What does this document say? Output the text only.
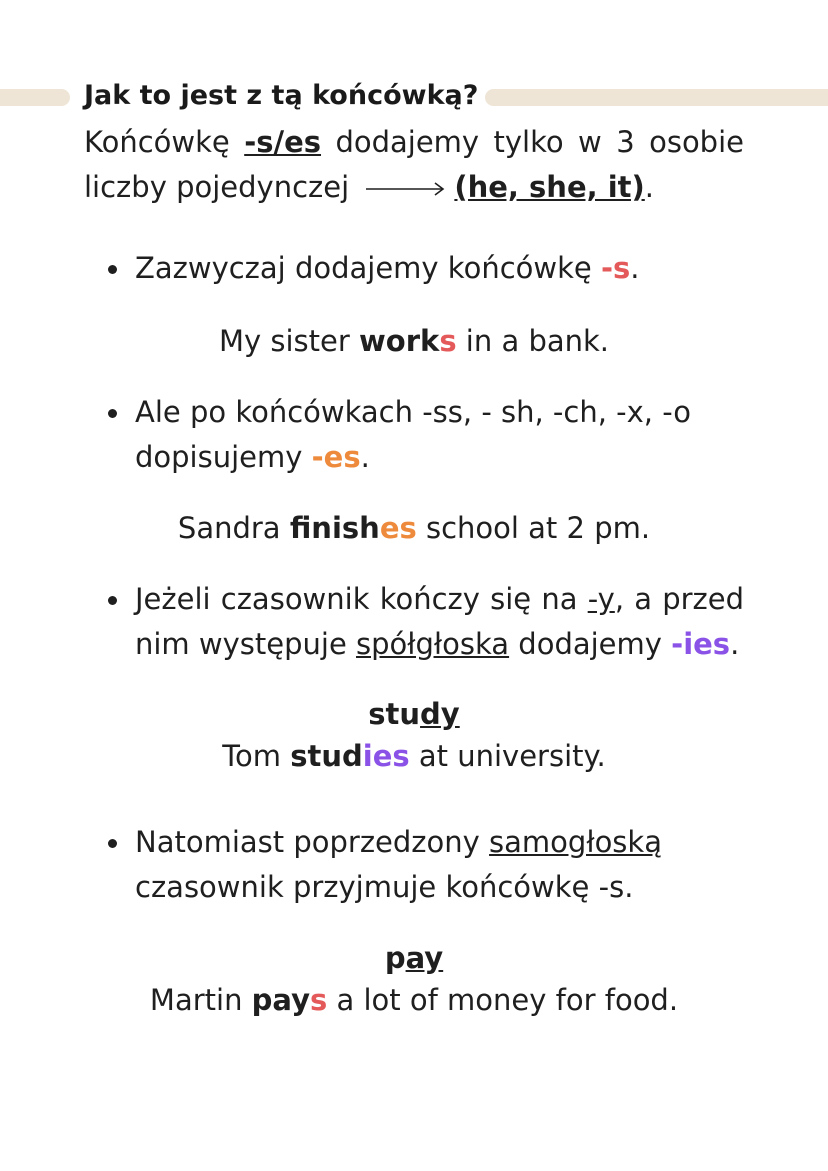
Jak to jest z tą końcówką?
Końcówkę -s/es dodajemy tylko w 3 osobie liczby pojedynczej	(he, she, it).
Zazwyczaj dodajemy końcówkę -s.
My sister works in a bank.
Ale po końcówkach -ss, - sh, -ch, -x, -o dopisujemy -es.
Sandra finishes school at 2 pm.
Jeżeli czasownik kończy się na -y, a przed nim występuje spółgłoska dodajemy -ies.
study
Tom studies at university.
Natomiast poprzedzony samogłoską czasownik przyjmuje końcówkę -s.
pay
Martin pays a lot of money for food.
